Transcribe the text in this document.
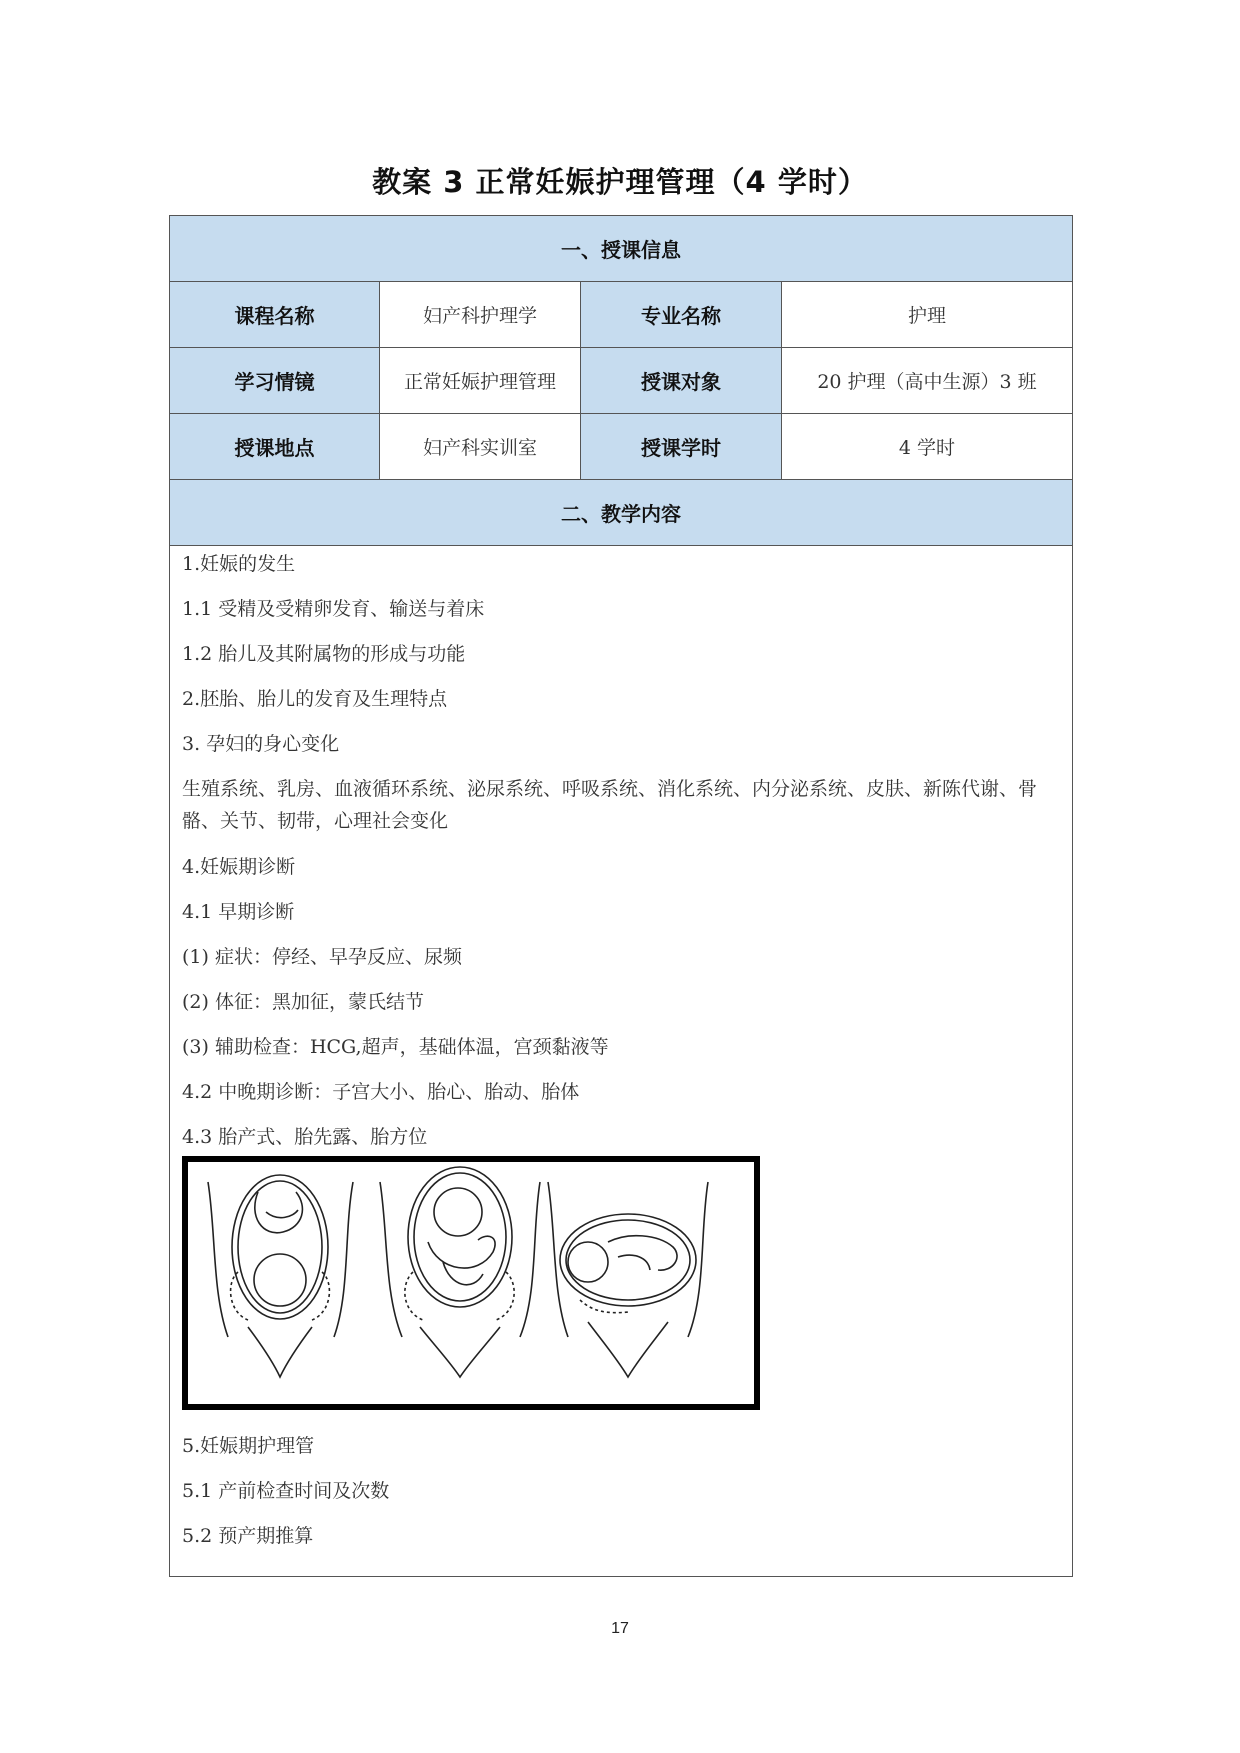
教案 3 正常妊娠护理管理（4 学时）
一、授课信息
课程名称	妇产科护理学	专业名称	护理
学习情镜	正常妊娠护理管理	授课对象	20 护理（高中生源）3 班
授课地点	妇产科实训室	授课学时	4 学时
二、教学内容
1.妊娠的发生
1.1 受精及受精卵发育、输送与着床
1.2 胎儿及其附属物的形成与功能
2.胚胎、胎儿的发育及生理特点
3. 孕妇的身心变化
生殖系统、乳房、血液循环系统、泌尿系统、呼吸系统、消化系统、内分泌系统、皮肤、新陈代谢、骨骼、关节、韧带，心理社会变化
4.妊娠期诊断
4.1 早期诊断
(1) 症状：停经、早孕反应、尿频
(2) 体征：黑加征，蒙氏结节
(3) 辅助检查：HCG,超声，基础体温，宫颈黏液等
4.2 中晚期诊断：子宫大小、胎心、胎动、胎体
4.3 胎产式、胎先露、胎方位
5.妊娠期护理管
5.1 产前检查时间及次数
5.2 预产期推算
17
